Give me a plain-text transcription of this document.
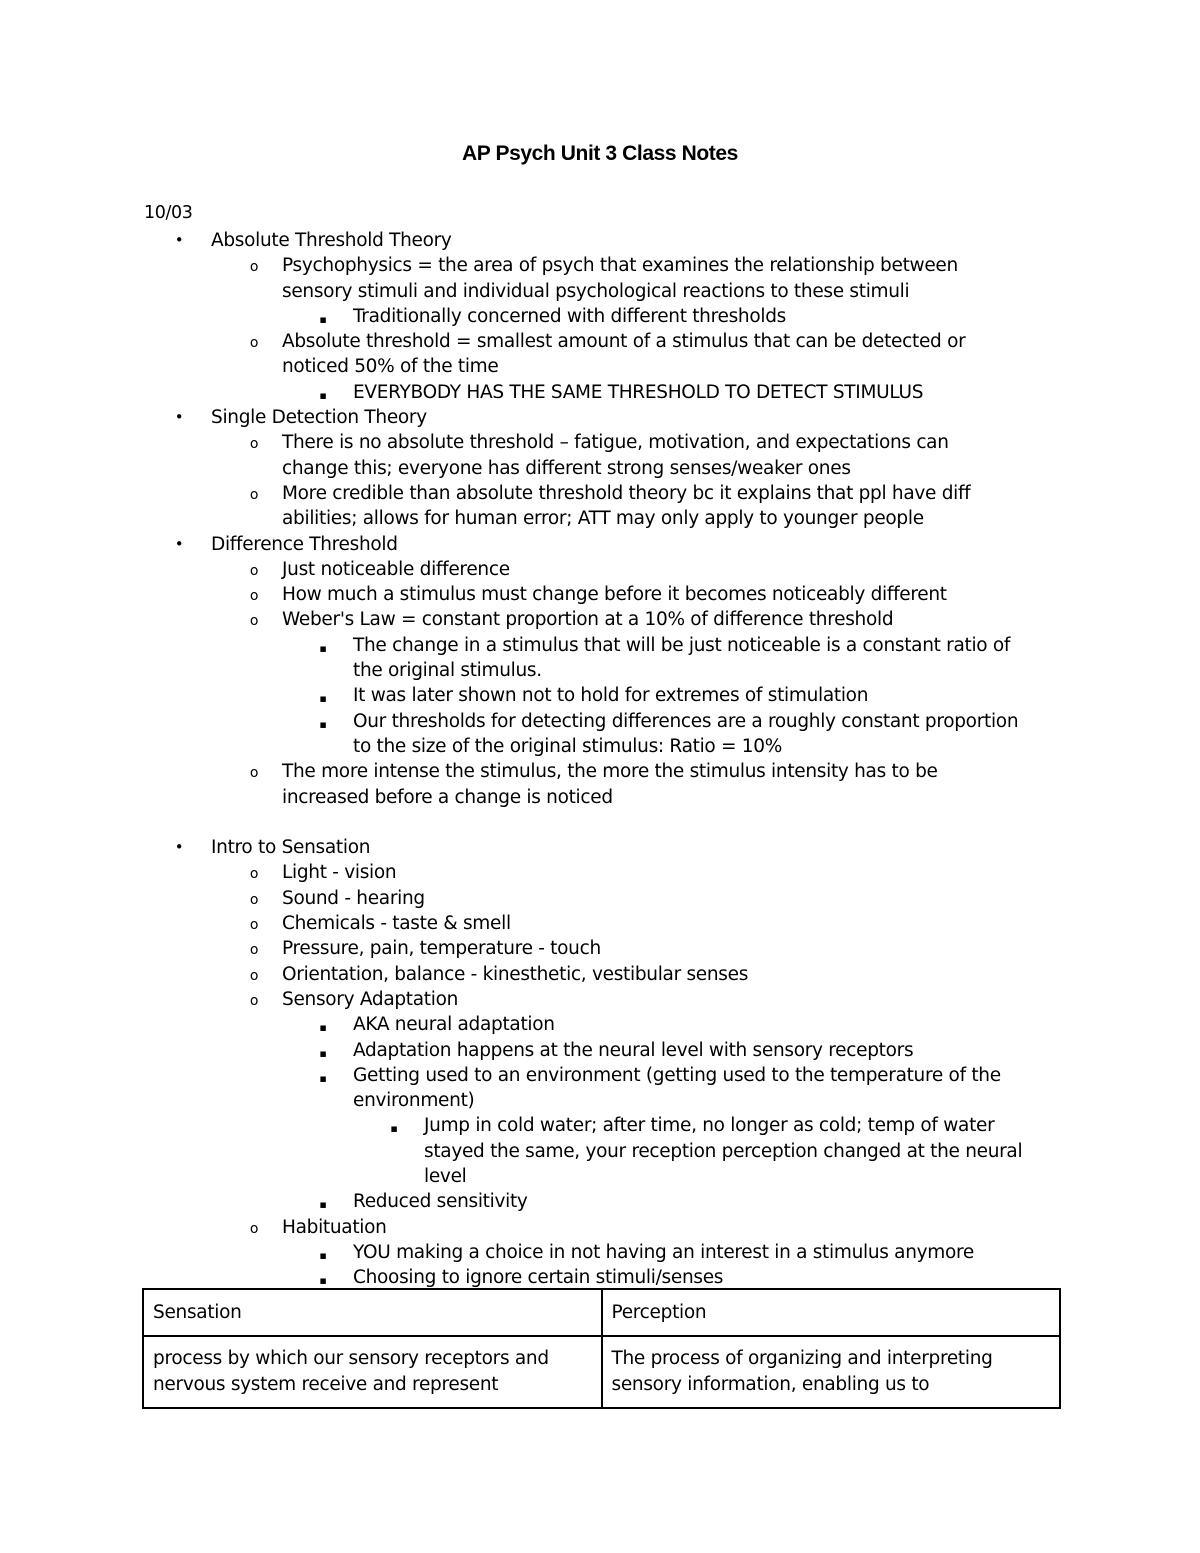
AP Psych Unit 3 Class Notes
10/03
•	Absolute Threshold Theory
o	Psychophysics = the area of psych that examines the relationship between
sensory stimuli and individual psychological reactions to these stimuli
▪	Traditionally concerned with different thresholds
o	Absolute threshold = smallest amount of a stimulus that can be detected or
noticed 50% of the time
▪	EVERYBODY HAS THE SAME THRESHOLD TO DETECT STIMULUS
•	Single Detection Theory
o	There is no absolute threshold – fatigue, motivation, and expectations can
change this; everyone has different strong senses/weaker ones
o	More credible than absolute threshold theory bc it explains that ppl have diff
abilities; allows for human error; ATT may only apply to younger people
•	Difference Threshold
o	Just noticeable difference
o	How much a stimulus must change before it becomes noticeably different
o	Weber's Law = constant proportion at a 10% of difference threshold
▪	The change in a stimulus that will be just noticeable is a constant ratio of
the original stimulus.
▪	It was later shown not to hold for extremes of stimulation
▪	Our thresholds for detecting differences are a roughly constant proportion
to the size of the original stimulus: Ratio = 10%
o	The more intense the stimulus, the more the stimulus intensity has to be
increased before a change is noticed
•	Intro to Sensation
o	Light - vision
o	Sound - hearing
o	Chemicals - taste & smell
o	Pressure, pain, temperature - touch
o	Orientation, balance - kinesthetic, vestibular senses
o	Sensory Adaptation
▪	AKA neural adaptation
▪	Adaptation happens at the neural level with sensory receptors
▪	Getting used to an environment (getting used to the temperature of the
environment)
▪	Jump in cold water; after time, no longer as cold; temp of water
stayed the same, your reception perception changed at the neural
level
▪	Reduced sensitivity
o	Habituation
▪	YOU making a choice in not having an interest in a stimulus anymore
▪	Choosing to ignore certain stimuli/senses
Sensation	Perception
process by which our sensory receptors and
nervous system receive and represent	The process of organizing and interpreting
sensory information, enabling us to
